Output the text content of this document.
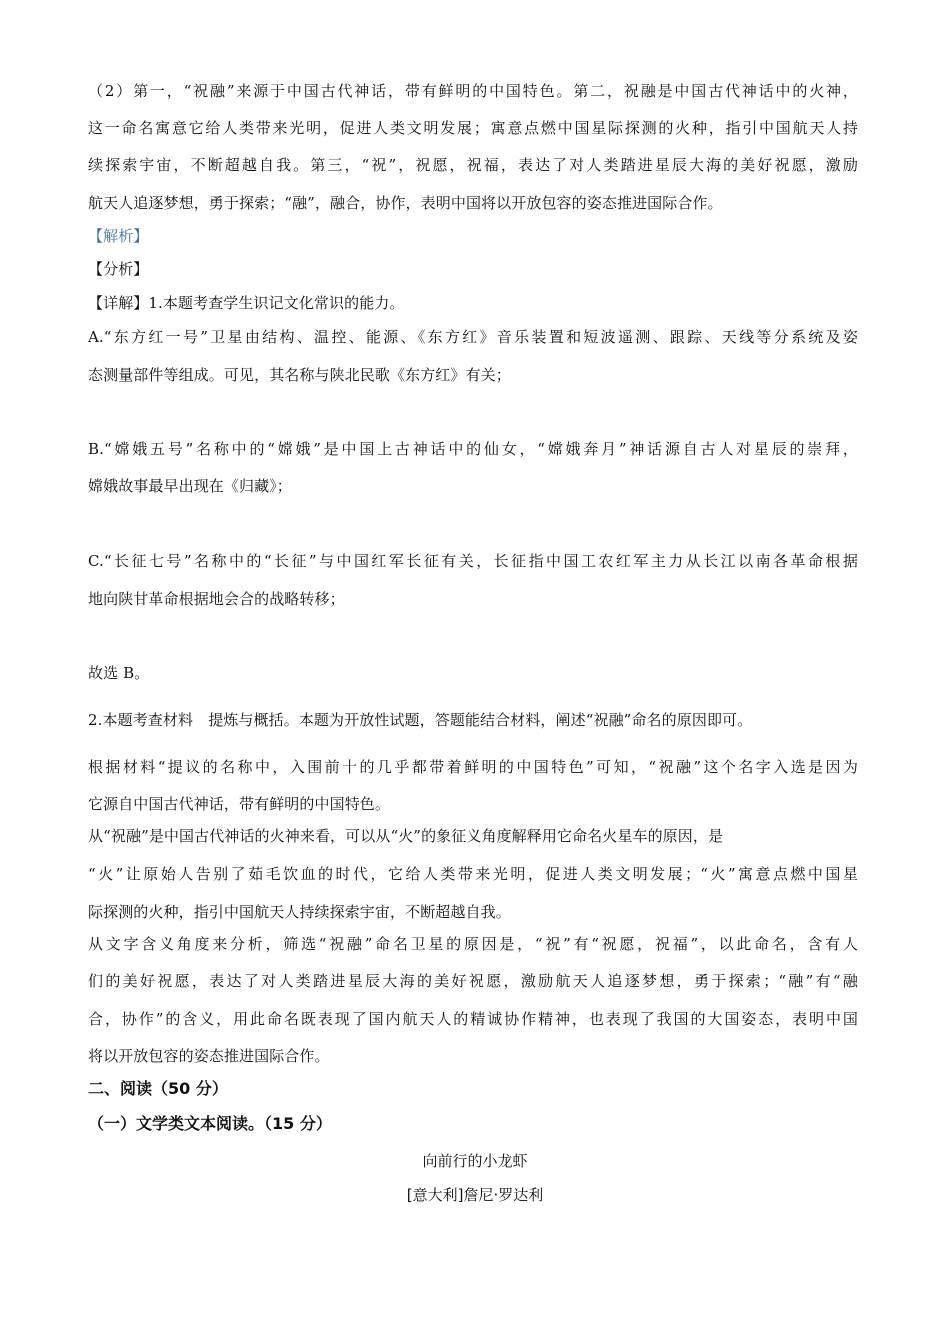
（2）第一，“祝融”来源于中国古代神话，带有鲜明的中国特色。第二，祝融是中国古代神话中的火神，
这一命名寓意它给人类带来光明，促进人类文明发展；寓意点燃中国星际探测的火种，指引中国航天人持
续探索宇宙，不断超越自我。第三，“祝”，祝愿，祝福，表达了对人类踏进星辰大海的美好祝愿，激励
航天人追逐梦想，勇于探索；“融”，融合，协作，表明中国将以开放包容的姿态推进国际合作。
【解析】
【分析】
【详解】1.本题考查学生识记文化常识的能力。
A.“东方红一号”卫星由结构、温控、能源、《东方红》音乐装置和短波遥测、跟踪、天线等分系统及姿
态测量部件等组成。可见，其名称与陕北民歌《东方红》有关；
B.“嫦娥五号”名称中的“嫦娥”是中国上古神话中的仙女，“嫦娥奔月”神话源自古人对星辰的崇拜，
嫦娥故事最早出现在《归藏》；
C.“长征七号”名称中的“长征”与中国红军长征有关，长征指中国工农红军主力从长江以南各革命根据
地向陕甘革命根据地会合的战略转移；
故选 B。
2.本题考查材料　提炼与概括。本题为开放性试题，答题能结合材料，阐述“祝融”命名的原因即可。
根据材料“提议的名称中，入围前十的几乎都带着鲜明的中国特色”可知，“祝融”这个名字入选是因为
它源自中国古代神话，带有鲜明的中国特色。
从“祝融”是中国古代神话的火神来看，可以从“火”的象征义角度解释用它命名火星车的原因，是
“火”让原始人告别了茹毛饮血的时代，它给人类带来光明，促进人类文明发展；“火”寓意点燃中国星
际探测的火种，指引中国航天人持续探索宇宙，不断超越自我。
从文字含义角度来分析，筛选“祝融”命名卫星的原因是，“祝”有“祝愿，祝福”，以此命名，含有人
们的美好祝愿，表达了对人类踏进星辰大海的美好祝愿，激励航天人追逐梦想，勇于探索；“融”有“融
合，协作”的含义，用此命名既表现了国内航天人的精诚协作精神，也表现了我国的大国姿态，表明中国
将以开放包容的姿态推进国际合作。
二、阅读（50 分）
（一）文学类文本阅读。（15 分）
向前行的小龙虾
[意大利]詹尼·罗达利
